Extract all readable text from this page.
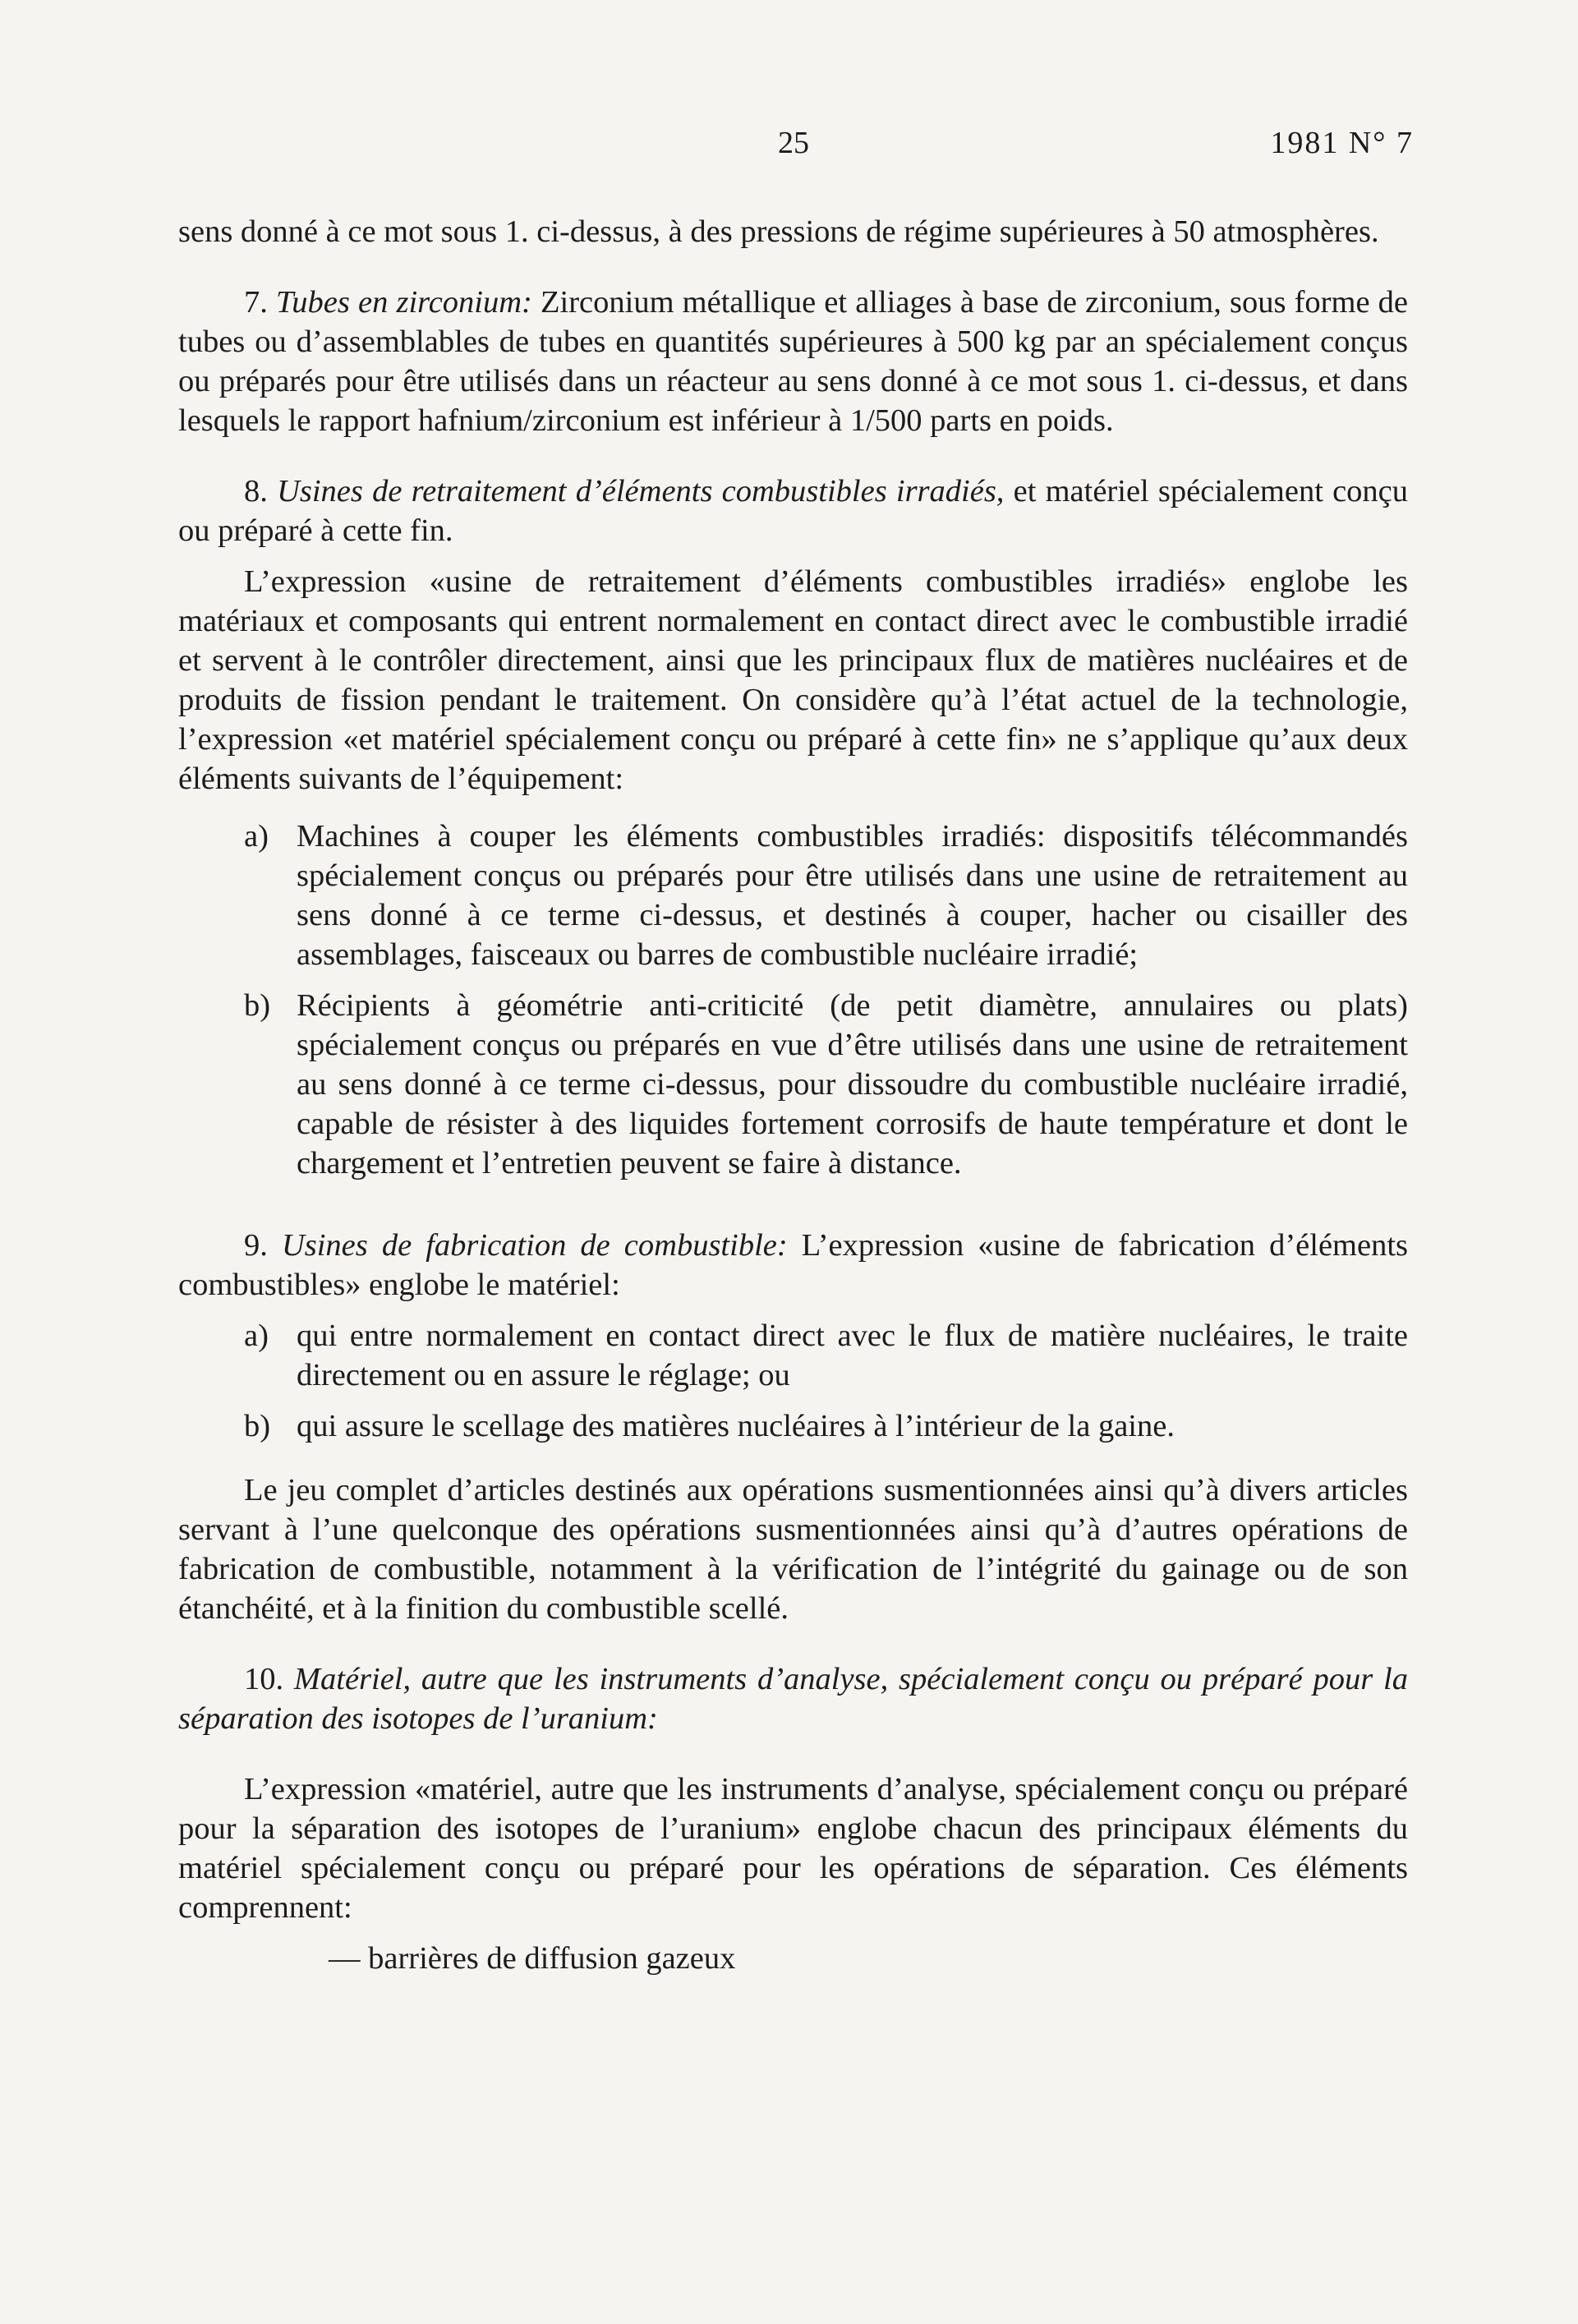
25	1981 N° 7

sens donné à ce mot sous 1. ci-dessus, à des pressions de régime supérieures à 50 atmosphères.

7. Tubes en zirconium: Zirconium métallique et alliages à base de zirconium, sous forme de tubes ou d’assemblables de tubes en quantités supérieures à 500 kg par an spécialement conçus ou préparés pour être utilisés dans un réacteur au sens donné à ce mot sous 1. ci-dessus, et dans lesquels le rapport hafnium/zirconium est inférieur à 1/500 parts en poids.

8. Usines de retraitement d’éléments combustibles irradiés, et matériel spécialement conçu ou préparé à cette fin.

L’expression «usine de retraitement d’éléments combustibles irradiés» englobe les matériaux et composants qui entrent normalement en contact direct avec le combustible irradié et servent à le contrôler directement, ainsi que les principaux flux de matières nucléaires et de produits de fission pendant le traitement. On considère qu’à l’état actuel de la technologie, l’expression «et matériel spécialement conçu ou préparé à cette fin» ne s’applique qu’aux deux éléments suivants de l’équipement:

a) Machines à couper les éléments combustibles irradiés: dispositifs télécommandés spécialement conçus ou préparés pour être utilisés dans une usine de retraitement au sens donné à ce terme ci-dessus, et destinés à couper, hacher ou cisailler des assemblages, faisceaux ou barres de combustible nucléaire irradié;
b) Récipients à géométrie anti-criticité (de petit diamètre, annulaires ou plats) spécialement conçus ou préparés en vue d’être utilisés dans une usine de retraitement au sens donné à ce terme ci-dessus, pour dissoudre du combustible nucléaire irradié, capable de résister à des liquides fortement corrosifs de haute température et dont le chargement et l’entretien peuvent se faire à distance.

9. Usines de fabrication de combustible: L’expression «usine de fabrication d’éléments combustibles» englobe le matériel:

a) qui entre normalement en contact direct avec le flux de matière nucléaires, le traite directement ou en assure le réglage; ou
b) qui assure le scellage des matières nucléaires à l’intérieur de la gaine.

Le jeu complet d’articles destinés aux opérations susmentionnées ainsi qu’à divers articles servant à l’une quelconque des opérations susmentionnées ainsi qu’à d’autres opérations de fabrication de combustible, notamment à la vérification de l’intégrité du gainage ou de son étanchéité, et à la finition du combustible scellé.

10. Matériel, autre que les instruments d’analyse, spécialement conçu ou préparé pour la séparation des isotopes de l’uranium:

L’expression «matériel, autre que les instruments d’analyse, spécialement conçu ou préparé pour la séparation des isotopes de l’uranium» englobe chacun des principaux éléments du matériel spécialement conçu ou préparé pour les opérations de séparation. Ces éléments comprennent:

— barrières de diffusion gazeux
